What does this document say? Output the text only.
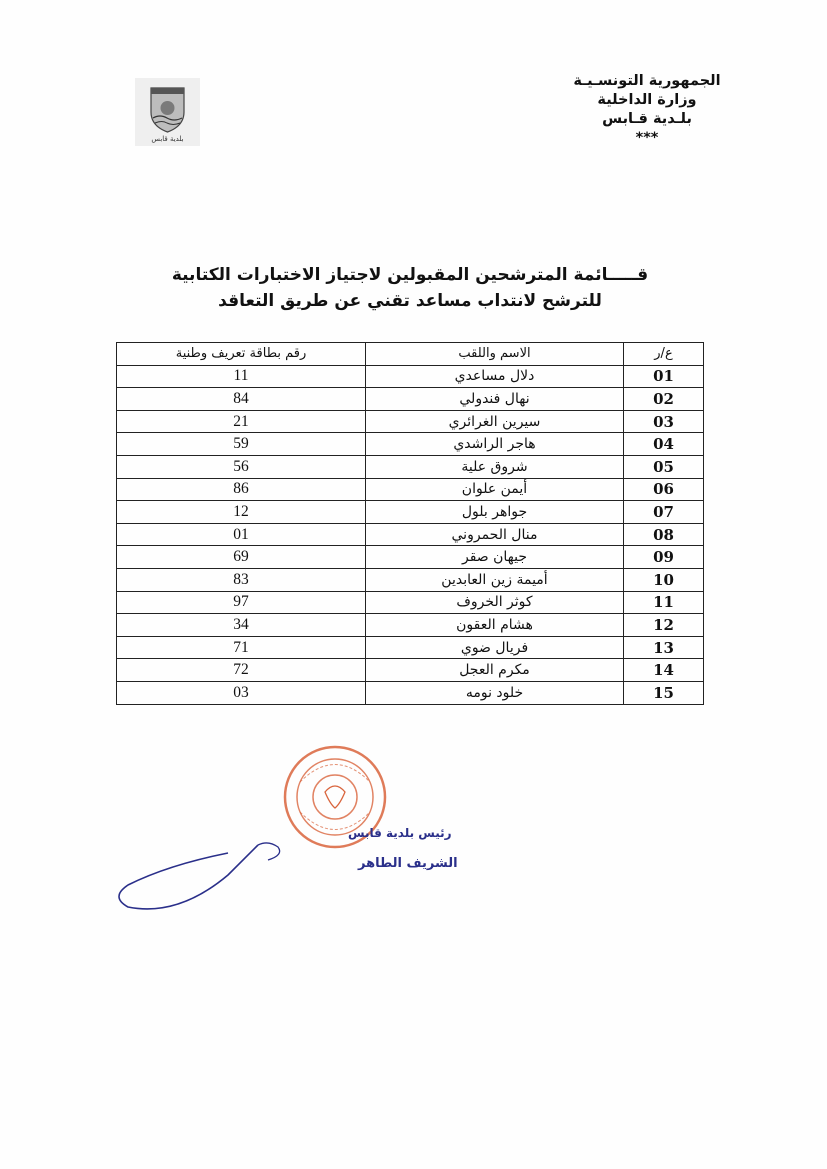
بلدية قابس
الجمهورية التونسـيـة
وزارة الداخلية
بلـدية قـابس
***
قـــــائمة المترشحين المقبولين لاجتياز الاختبارات الكتابية
للترشح لانتداب مساعد تقني عن طريق التعاقد
ع/ر	الاسم واللقب	رقم بطاقة تعريف وطنية
01	دلال مساعدي	11
02	نهال فندولي	84
03	سيرين الغرائري	21
04	هاجر الراشدي	59
05	شروق علية	56
06	أيمن علوان	86
07	جواهر بلول	12
08	منال الحمروني	01
09	جيهان صقر	69
10	أميمة زين العابدين	83
11	كوثر الخروف	97
12	هشام العقون	34
13	فريال ضوي	71
14	مكرم العجل	72
15	خلود نومه	03
رئيس بلدية قابس
الشريف الطاهر
